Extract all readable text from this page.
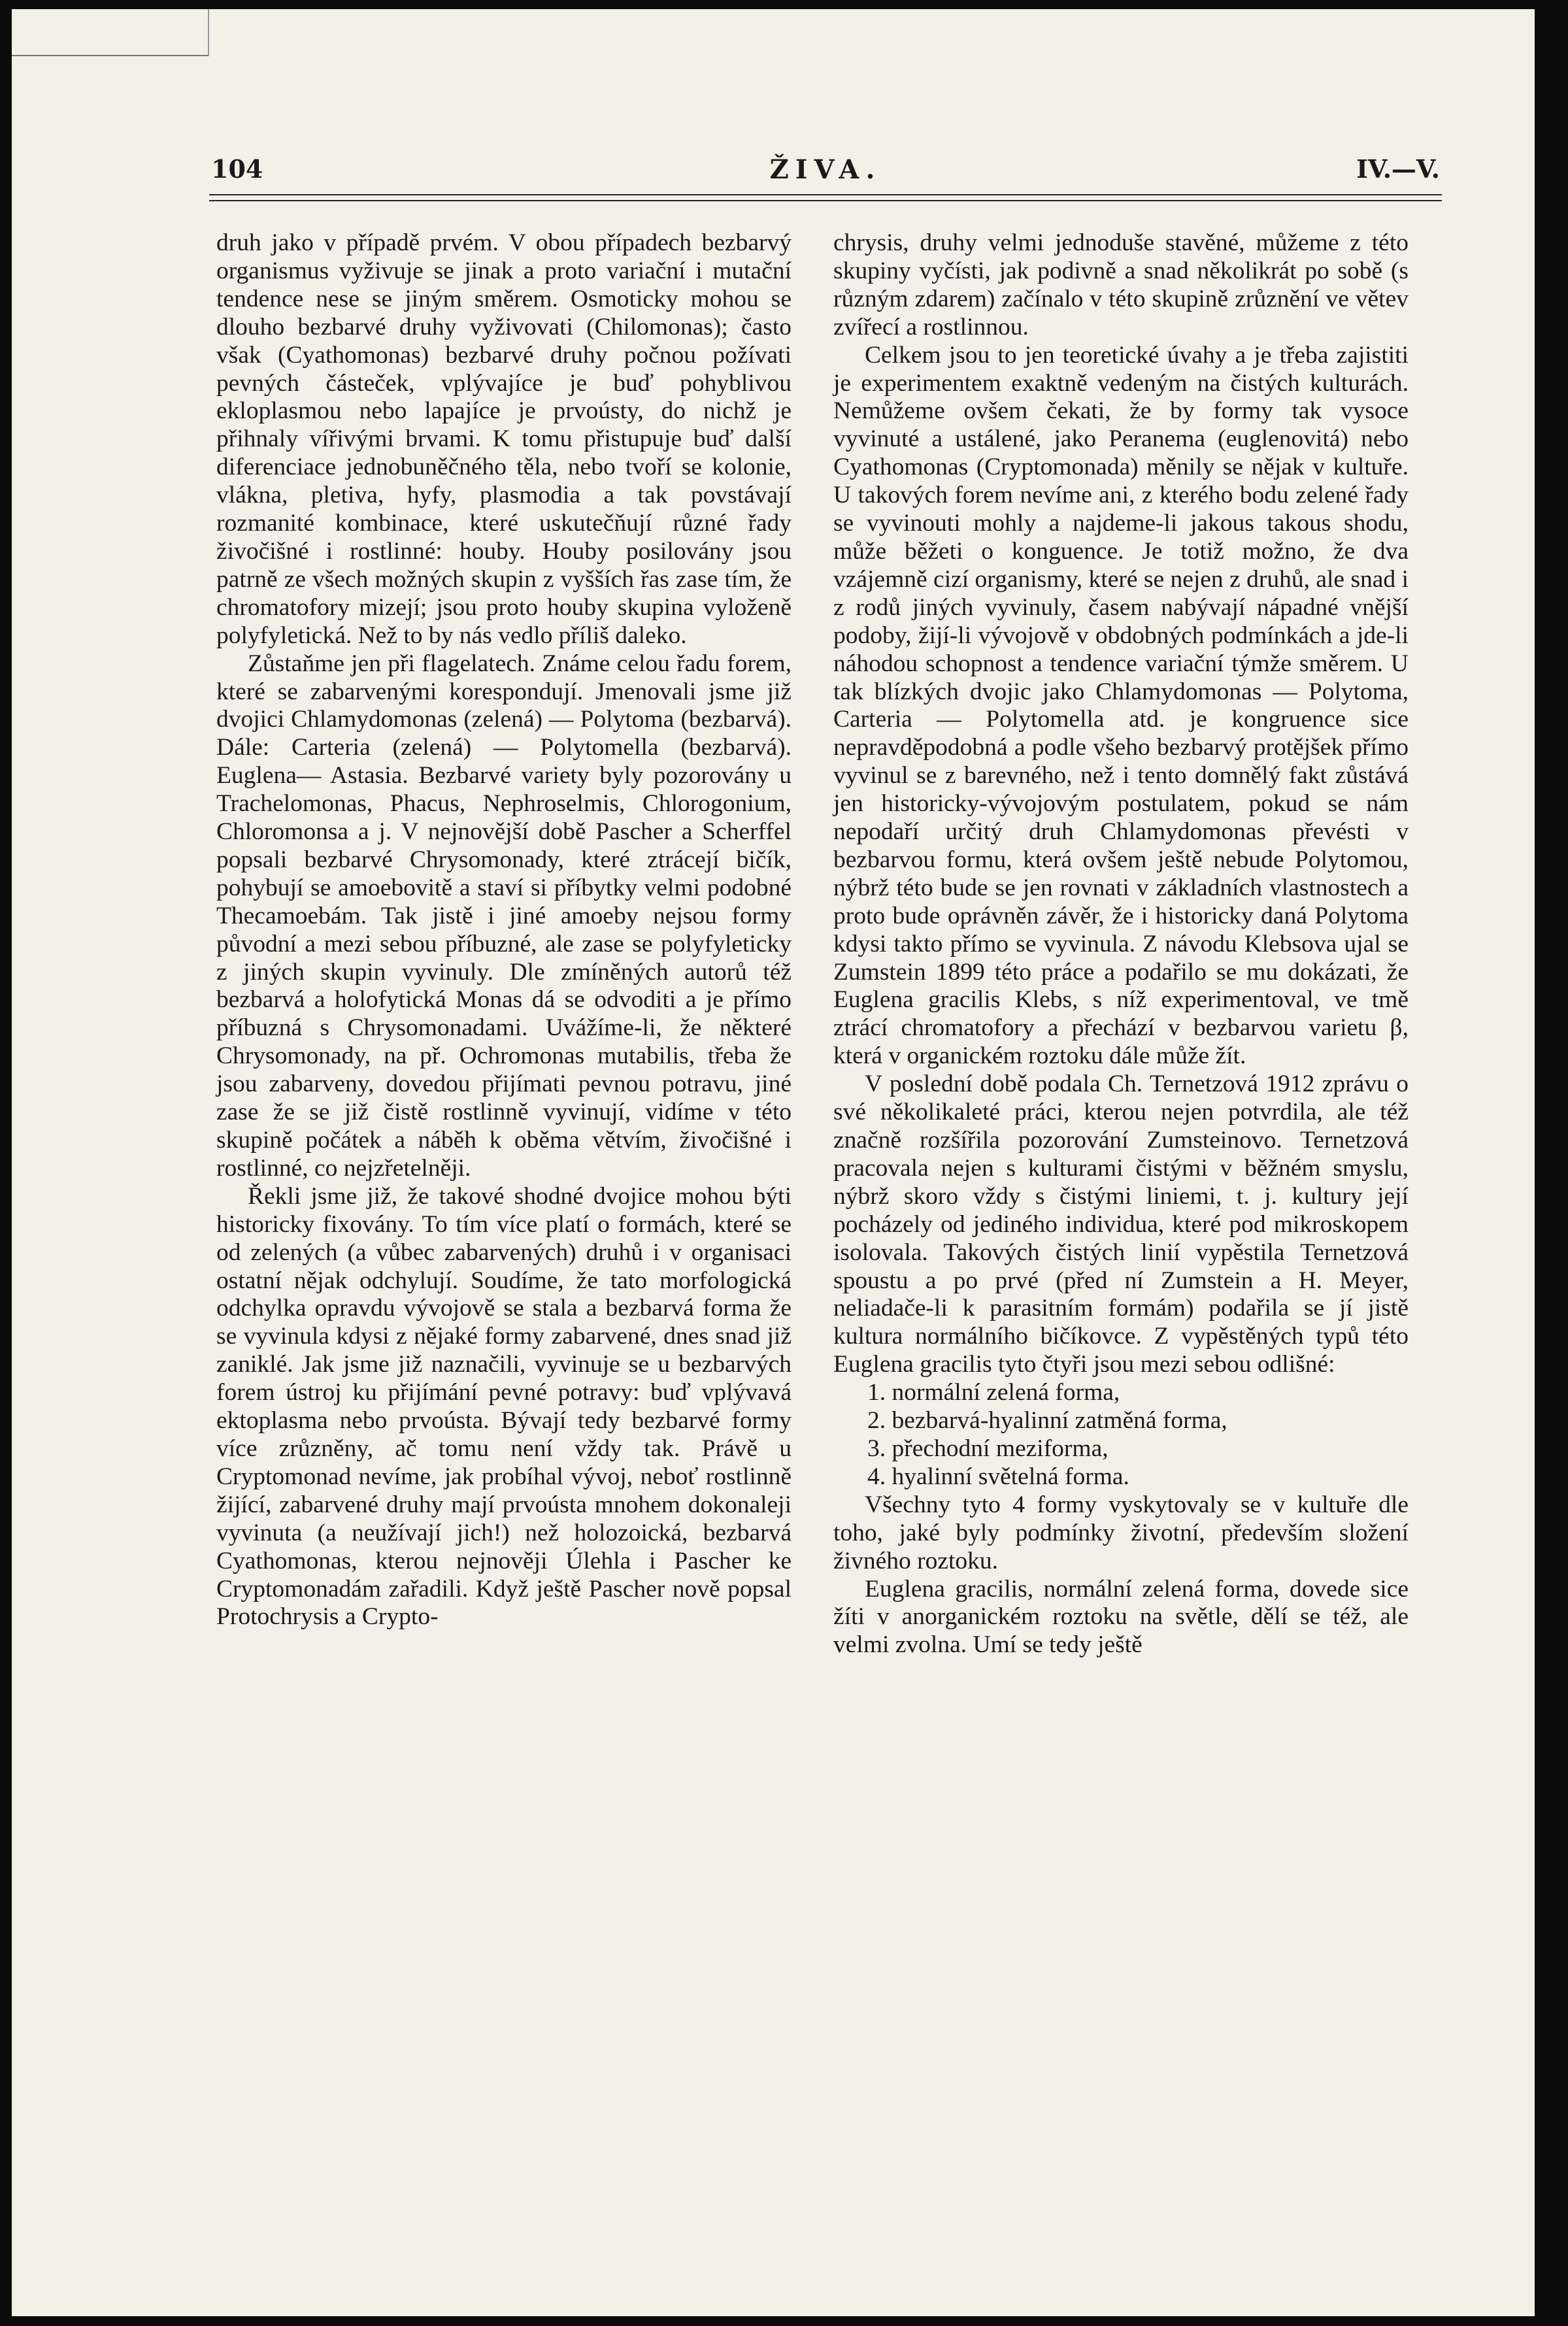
104	ŽIVA.	IV.—V.

druh jako v případě prvém. V obou případech bezbarvý organismus vyživuje se jinak a proto variační i mutační tendence nese se jiným směrem. Osmoticky mohou se dlouho bezbarvé druhy vyživovati (Chilomonas); často však (Cyathomonas) bezbarvé druhy počnou požívati pevných částeček, vplývajíce je buď pohyblivou ekloplasmou nebo lapajíce je prvoústy, do nichž je přihnaly vířivými brvami. K tomu přistupuje buď další diferenciace jednobuněčného těla, nebo tvoří se kolonie, vlákna, pletiva, hyfy, plasmodia a tak povstávají rozmanité kombinace, které uskutečňují různé řady živočišné i rostlinné: houby. Houby posilovány jsou patrně ze všech možných skupin z vyšších řas zase tím, že chromatofory mizejí; jsou proto houby skupina vyloženě polyfyletická. Než to by nás vedlo příliš daleko.

Zůstaňme jen při flagelatech. Známe celou řadu forem, které se zabarvenými korespondují. Jmenovali jsme již dvojici Chlamydomonas (zelená) — Polytoma (bezbarvá). Dále: Carteria (zelená) — Polytomella (bezbarvá). Euglena— Astasia. Bezbarvé variety byly pozorovány u Trachelomonas, Phacus, Nephroselmis, Chlorogonium, Chloromonsa a j. V nejnovější době Pascher a Scherffel popsali bezbarvé Chrysomonady, které ztrácejí bičík, pohybují se amoebovitě a staví si příbytky velmi podobné Thecamoebám. Tak jistě i jiné amoeby nejsou formy původní a mezi sebou příbuzné, ale zase se polyfyleticky z jiných skupin vyvinuly. Dle zmíněných autorů též bezbarvá a holofytická Monas dá se odvoditi a je přímo příbuzná s Chrysomonadami. Uvážíme-li, že některé Chrysomonady, na př. Ochromonas mutabilis, třeba že jsou zabarveny, dovedou přijímati pevnou potravu, jiné zase že se již čistě rostlinně vyvinují, vidíme v této skupině počátek a náběh k oběma větvím, živočišné i rostlinné, co nejzřetelněji.

Řekli jsme již, že takové shodné dvojice mohou býti historicky fixovány. To tím více platí o formách, které se od zelených (a vůbec zabarvených) druhů i v organisaci ostatní nějak odchylují. Soudíme, že tato morfologická odchylka opravdu vývojově se stala a bezbarvá forma že se vyvinula kdysi z nějaké formy zabarvené, dnes snad již zaniklé. Jak jsme již naznačili, vyvinuje se u bezbarvých forem ústroj ku přijímání pevné potravy: buď vplývavá ektoplasma nebo prvoústa. Bývají tedy bezbarvé formy více zrůzněny, ač tomu není vždy tak. Právě u Cryptomonad nevíme, jak probíhal vývoj, neboť rostlinně žijící, zabarvené druhy mají prvoústa mnohem dokonaleji vyvinuta (a neužívají jich!) než holozoická, bezbarvá Cyathomonas, kterou nejnověji Úlehla i Pascher ke Cryptomonadám zařadili. Když ještě Pascher nově popsal Protochrysis a Crypto-

chrysis, druhy velmi jednoduše stavěné, můžeme z této skupiny vyčísti, jak podivně a snad několikrát po sobě (s různým zdarem) začínalo v této skupině zrůznění ve větev zvířecí a rostlinnou.

Celkem jsou to jen teoretické úvahy a je třeba zajistiti je experimentem exaktně vedeným na čistých kulturách. Nemůžeme ovšem čekati, že by formy tak vysoce vyvinuté a ustálené, jako Peranema (euglenovitá) nebo Cyathomonas (Cryptomonada) měnily se nějak v kultuře. U takových forem nevíme ani, z kterého bodu zelené řady se vyvinouti mohly a najdeme-li jakous takous shodu, může běžeti o konguence. Je totiž možno, že dva vzájemně cizí organismy, které se nejen z druhů, ale snad i z rodů jiných vyvinuly, časem nabývají nápadné vnější podoby, žijí-li vývojově v obdobných podmínkách a jde-li náhodou schopnost a tendence variační týmže směrem. U tak blízkých dvojic jako Chlamydomonas — Polytoma, Carteria — Polytomella atd. je kongruence sice nepravděpodobná a podle všeho bezbarvý protějšek přímo vyvinul se z barevného, než i tento domnělý fakt zůstává jen historicky-vývojovým postulatem, pokud se nám nepodaří určitý druh Chlamydomonas převésti v bezbarvou formu, která ovšem ještě nebude Polytomou, nýbrž této bude se jen rovnati v základních vlastnostech a proto bude oprávněn závěr, že i historicky daná Polytoma kdysi takto přímo se vyvinula. Z návodu Klebsova ujal se Zumstein 1899 této práce a podařilo se mu dokázati, že Euglena gracilis Klebs, s níž experimentoval, ve tmě ztrácí chromatofory a přechází v bezbarvou varietu β, která v organickém roztoku dále může žít.

V poslední době podala Ch. Ternetzová 1912 zprávu o své několikaleté práci, kterou nejen potvrdila, ale též značně rozšířila pozorování Zumsteinovo. Ternetzová pracovala nejen s kulturami čistými v běžném smyslu, nýbrž skoro vždy s čistými liniemi, t. j. kultury její pocházely od jediného individua, které pod mikroskopem isolovala. Takových čistých linií vypěstila Ternetzová spoustu a po prvé (před ní Zumstein a H. Meyer, neliadače-li k parasitním formám) podařila se jí jistě kultura normálního bičíkovce. Z vypěstěných typů této Euglena gracilis tyto čtyři jsou mezi sebou odlišné:

1. normální zelená forma,
2. bezbarvá-hyalinní zatměná forma,
3. přechodní meziforma,
4. hyalinní světelná forma.

Všechny tyto 4 formy vyskytovaly se v kultuře dle toho, jaké byly podmínky životní, především složení živného roztoku.

Euglena gracilis, normální zelená forma, dovede sice žíti v anorganickém roztoku na světle, dělí se též, ale velmi zvolna. Umí se tedy ještě
